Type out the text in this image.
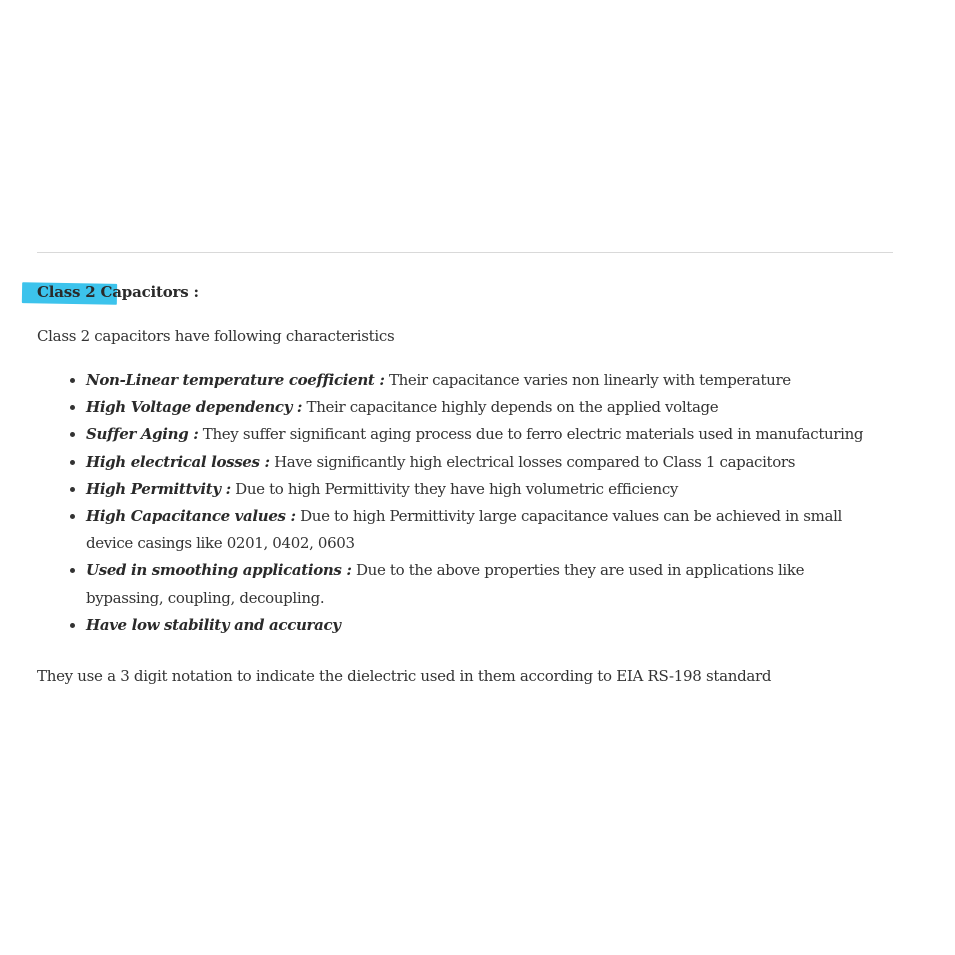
Class 2 Capacitors :

Class 2 capacitors have following characteristics

Non-Linear temperature coefficient : Their capacitance varies non linearly with temperature
High Voltage dependency : Their capacitance highly depends on the applied voltage
Suffer Aging : They suffer significant aging process due to ferro electric materials used in manufacturing
High electrical losses : Have significantly high electrical losses compared to Class 1 capacitors
High Permittvity : Due to high Permittivity they have high volumetric efficiency
High Capacitance values : Due to high Permittivity large capacitance values can be achieved in small device casings like 0201, 0402, 0603
Used in smoothing applications : Due to the above properties they are used in applications like bypassing, coupling, decoupling.
Have low stability and accuracy

They use a 3 digit notation to indicate the dielectric used in them according to EIA RS-198 standard
